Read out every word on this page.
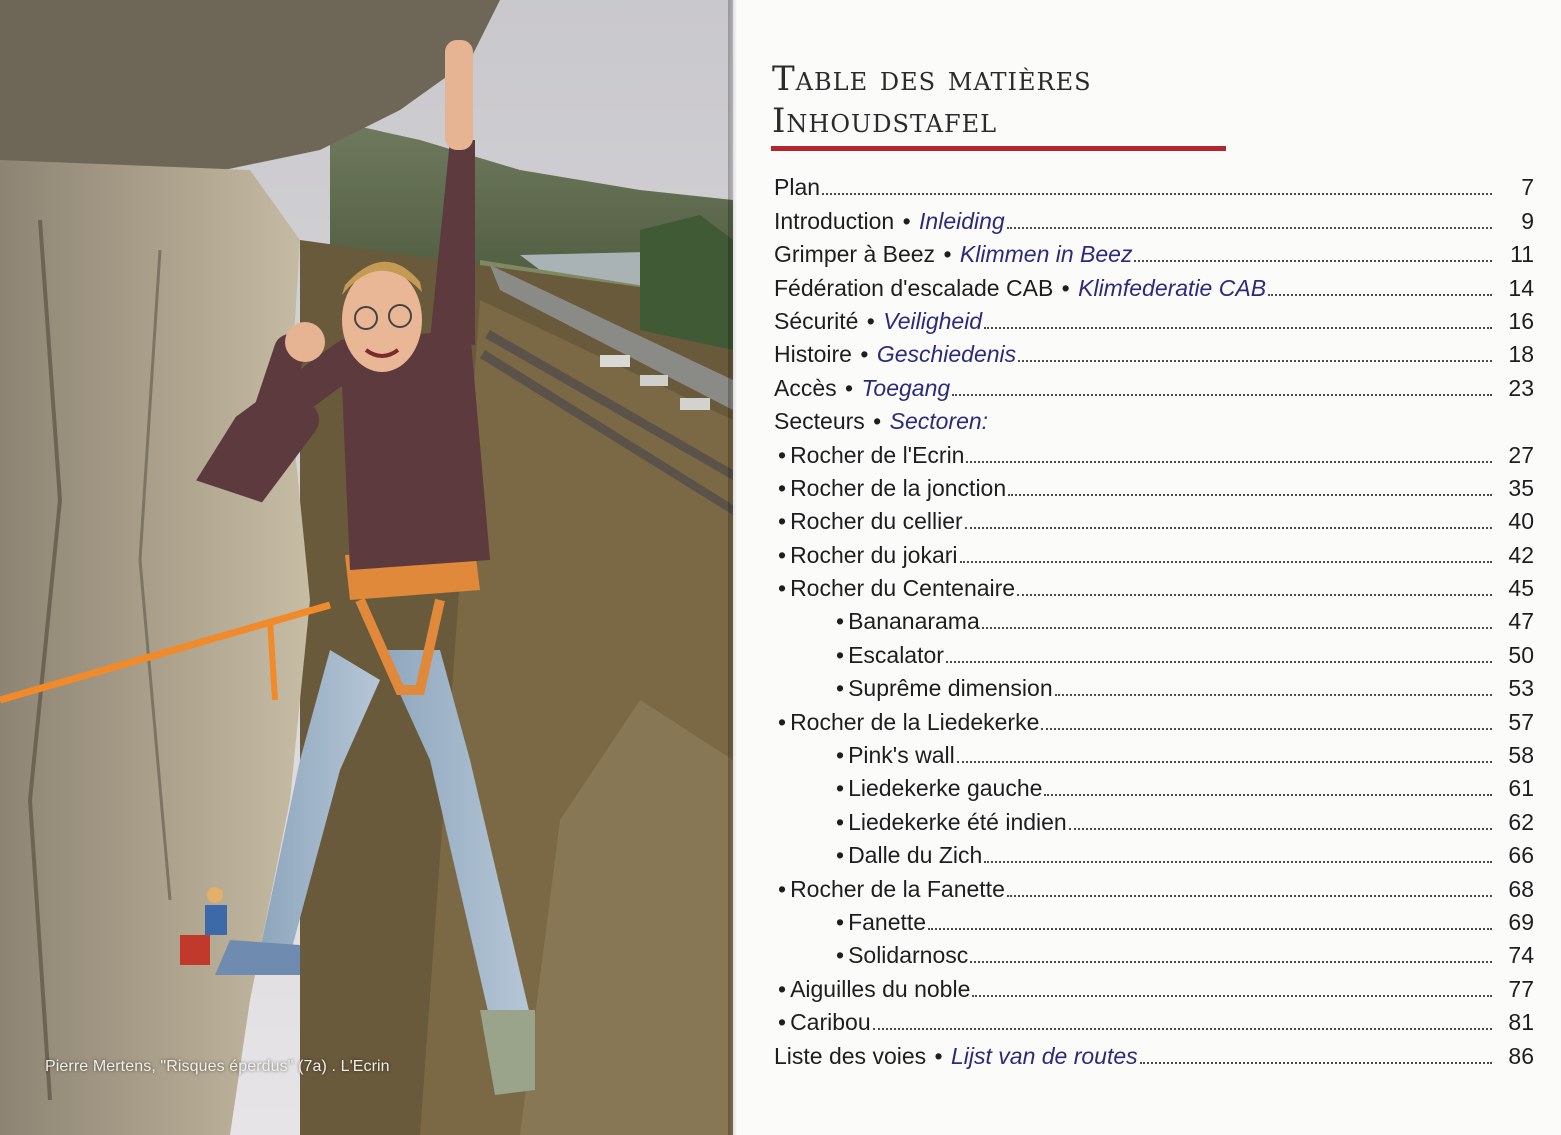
Pierre Mertens, "Risques éperdus" (7a) . L'Ecrin
Table des matières
Inhoudstafel
Plan	7
Introduction • Inleiding	9
Grimper à Beez • Klimmen in Beez	11
Fédération d'escalade CAB • Klimfederatie CAB	14
Sécurité • Veiligheid	16
Histoire • Geschiedenis	18
Accès • Toegang	23
Secteurs • Sectoren:
• Rocher de l'Ecrin	27
• Rocher de la jonction	35
• Rocher du cellier	40
• Rocher du jokari	42
• Rocher du Centenaire	45
• Bananarama	47
• Escalator	50
• Suprême dimension	53
• Rocher de la Liedekerke	57
• Pink's wall	58
• Liedekerke gauche	61
• Liedekerke été indien	62
• Dalle du Zich	66
• Rocher de la Fanette	68
• Fanette	69
• Solidarnosc	74
• Aiguilles du noble	77
• Caribou	81
Liste des voies • Lijst van de routes	86
